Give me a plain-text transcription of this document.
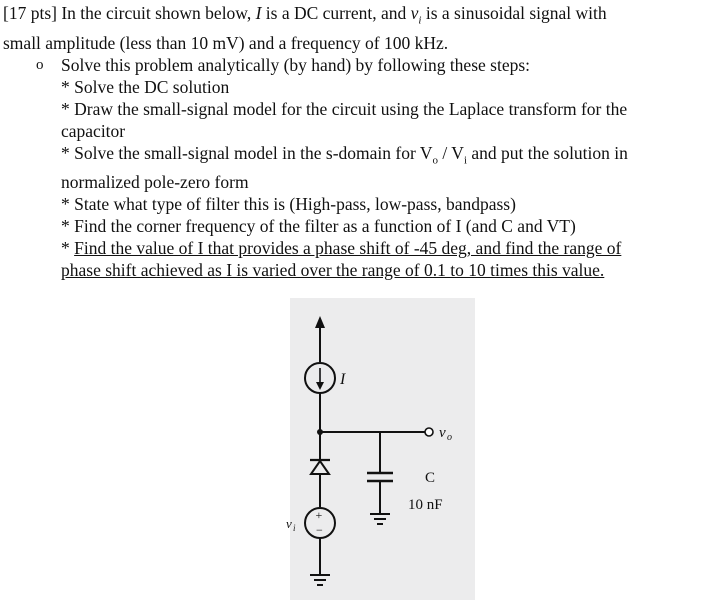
[17 pts] In the circuit shown below, I is a DC current, and $v_i$ is a sinusoidal signal with
small amplitude (less than 10 mV) and a frequency of 100 kHz.
o Solve this problem analytically (by hand) by following these steps:
* Solve the DC solution
* Draw the small-signal model for the circuit using the Laplace transform for the
capacitor
* Solve the small-signal model in the s-domain for $V_o / V_i$ and put the solution in
normalized pole-zero form
* State what type of filter this is (High-pass, low-pass, bandpass)
* Find the corner frequency of the filter as a function of I (and C and VT)
* Find the value of I that provides a phase shift of -45 deg, and find the range of
phase shift achieved as I is varied over the range of 0.1 to 10 times this value.
I
v o
C
10 nF
+
−
v i
